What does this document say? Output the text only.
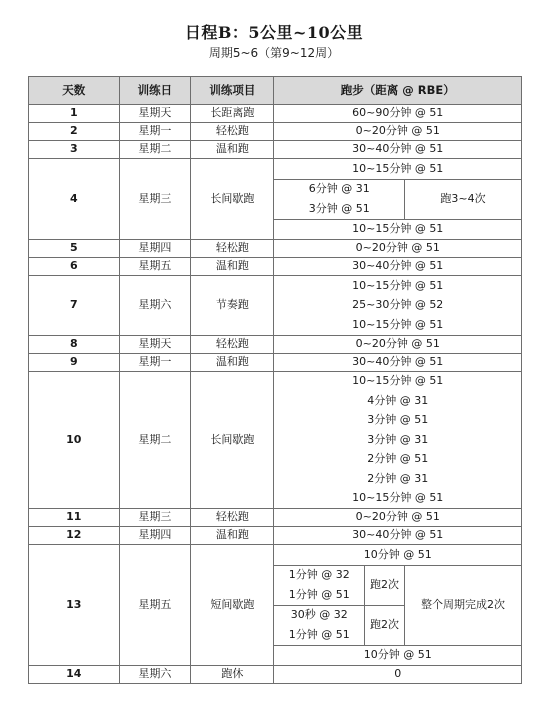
日程B：5公里~10公里
周期5~6（第9~12周）
天数	训练日	训练项目	跑步（距离 @ RBE）		
1	星期天	长距离跑	60~90分钟 @ 51		
2	星期一	轻松跑	0~20分钟 @ 51		
3	星期二	温和跑	30~40分钟 @ 51		
4	星期三	长间歇跑	10~15分钟 @ 51		
			6分钟 @ 31		跑3~4次
			3分钟 @ 51		
			10~15分钟 @ 51		
5	星期四	轻松跑	0~20分钟 @ 51		
6	星期五	温和跑	30~40分钟 @ 51		
7	星期六	节奏跑	10~15分钟 @ 51		
			25~30分钟 @ 52		
			10~15分钟 @ 51		
8	星期天	轻松跑	0~20分钟 @ 51		
9	星期一	温和跑	30~40分钟 @ 51		
10	星期二	长间歇跑	10~15分钟 @ 51		
			4分钟 @ 31		
			3分钟 @ 51		
			3分钟 @ 31		
			2分钟 @ 51		
			2分钟 @ 31		
			10~15分钟 @ 51		
11	星期三	轻松跑	0~20分钟 @ 51		
12	星期四	温和跑	30~40分钟 @ 51		
13	星期五	短间歇跑	10分钟 @ 51		
			1分钟 @ 32	跑2次	整个周期完成2次
			1分钟 @ 51		
			30秒 @ 32	跑2次	
			1分钟 @ 51		
			10分钟 @ 51		
14	星期六	跑休	0		
